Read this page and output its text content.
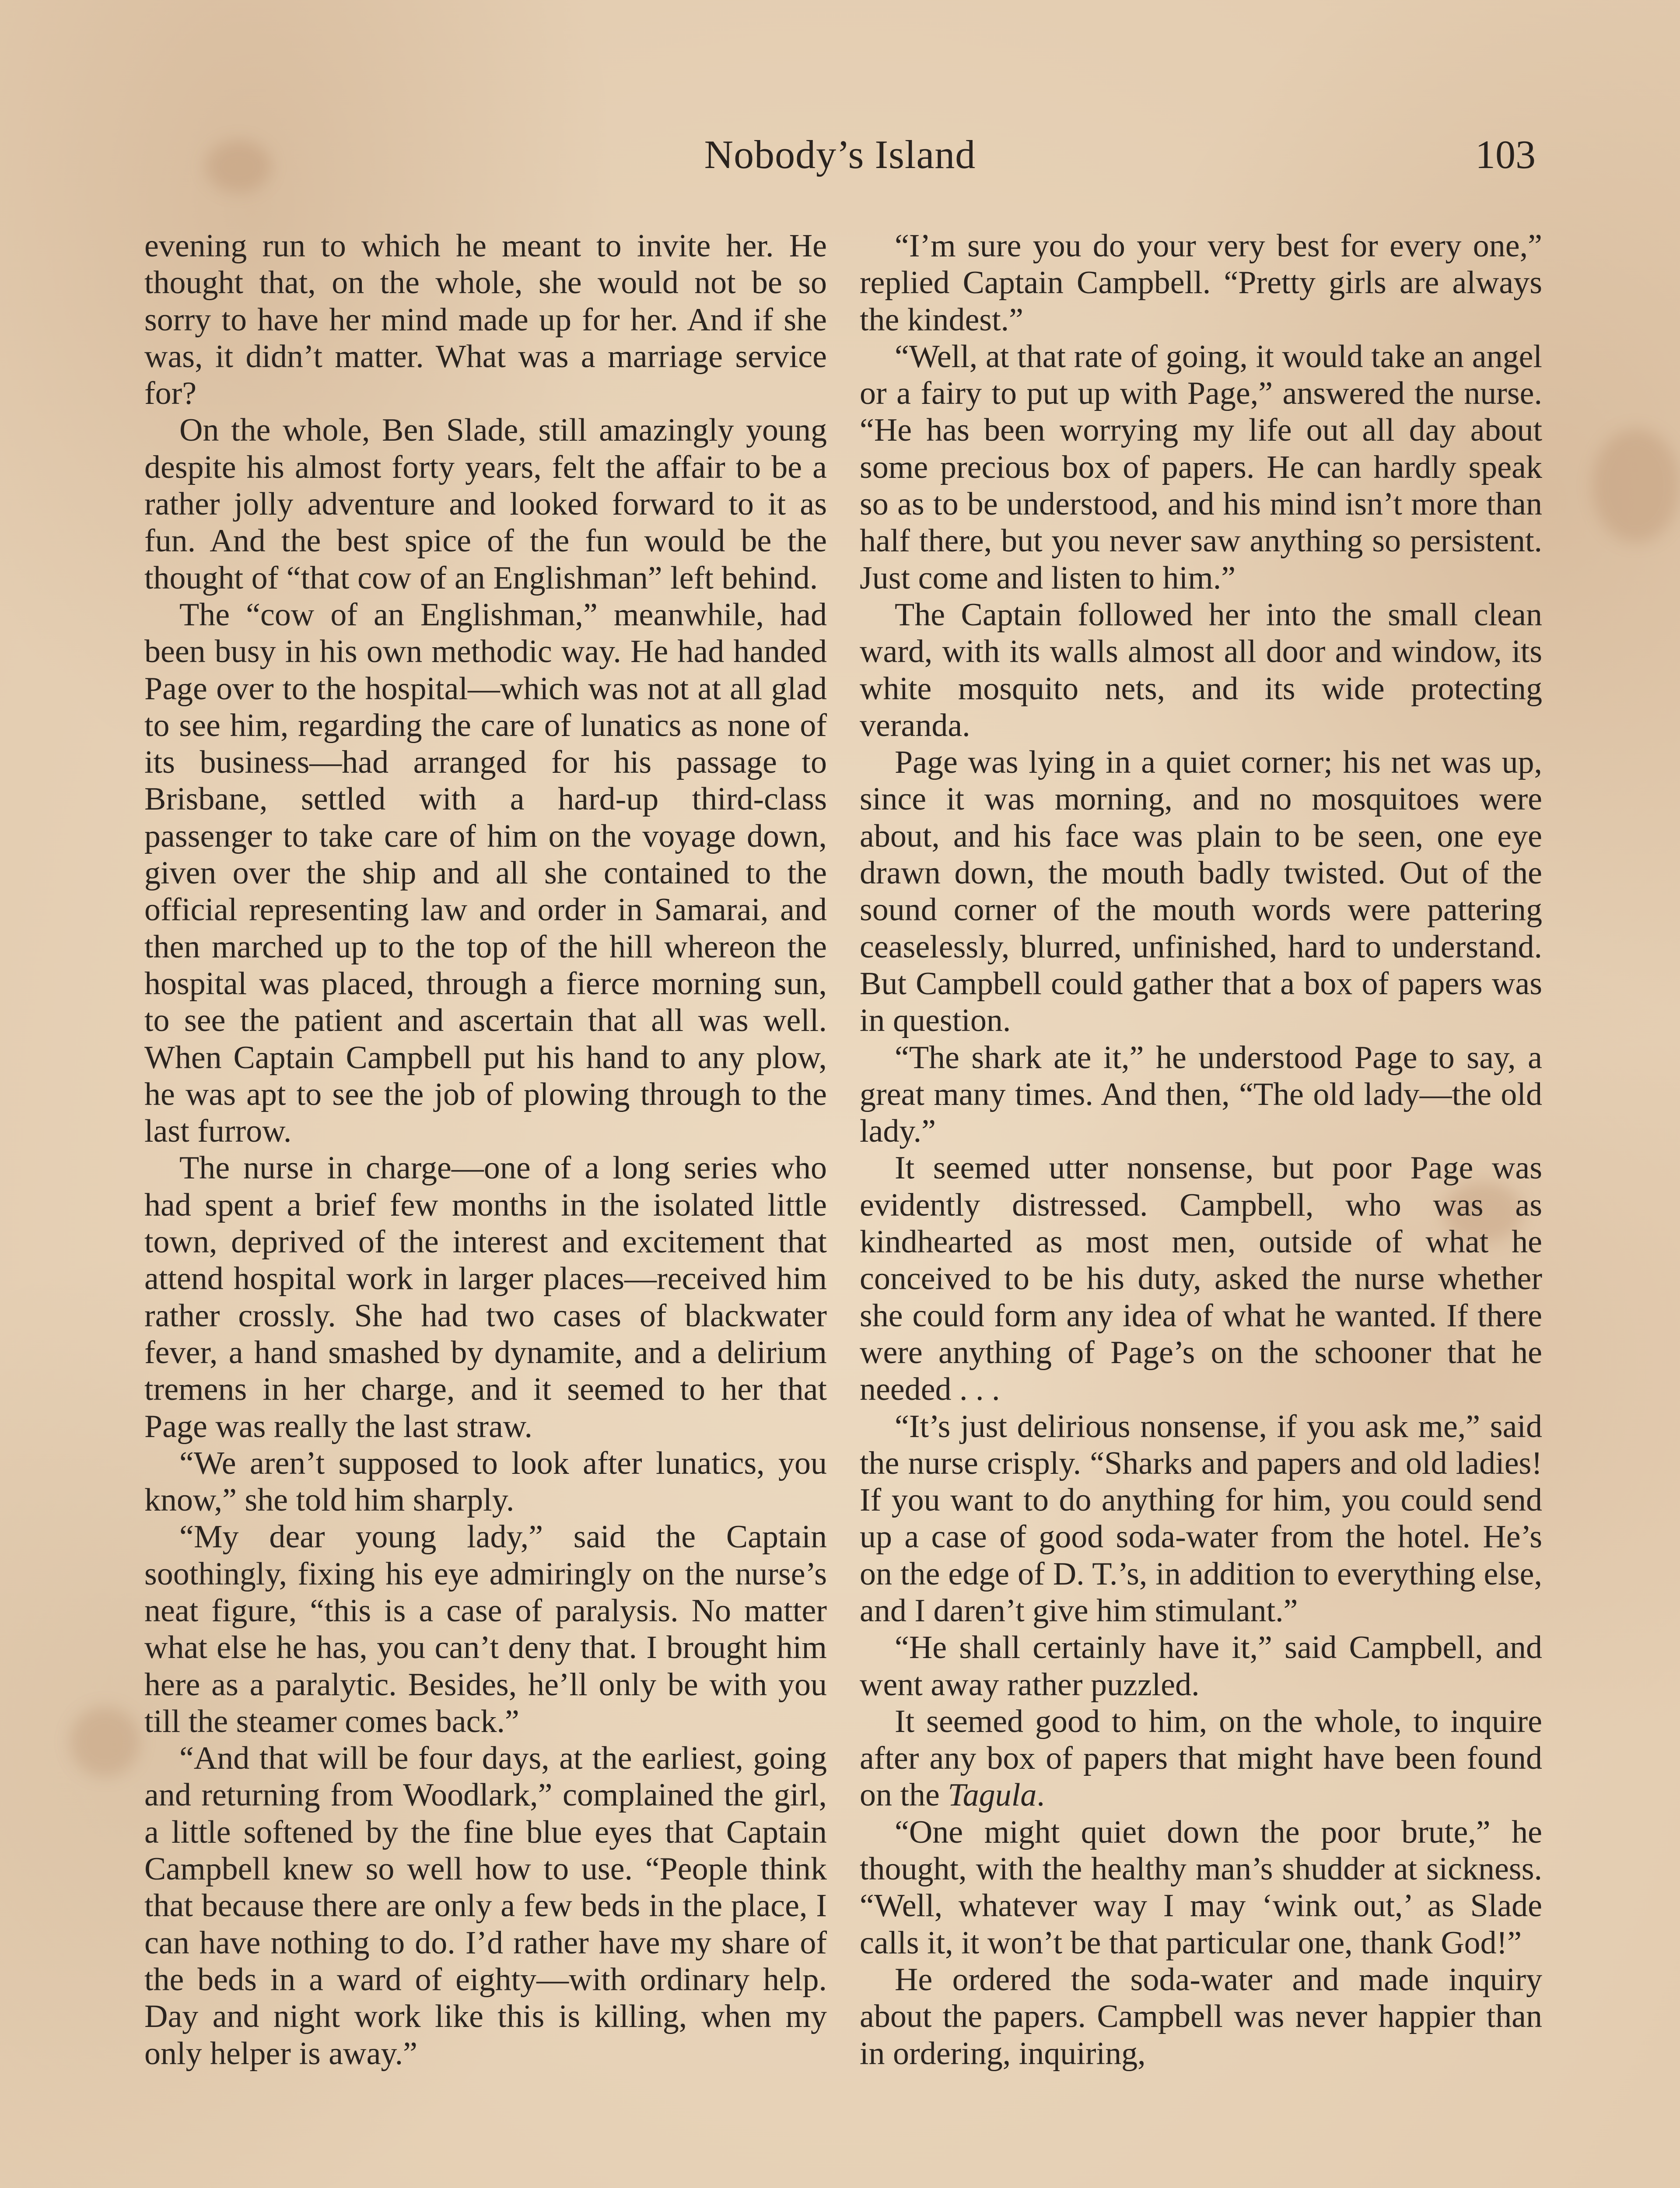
Nobody’s Island	103

evening run to which he meant to invite her. He thought that, on the whole, she would not be so sorry to have her mind made up for her. And if she was, it didn’t matter. What was a marriage service for?

On the whole, Ben Slade, still amazingly young despite his almost forty years, felt the affair to be a rather jolly adventure and looked forward to it as fun. And the best spice of the fun would be the thought of “that cow of an Englishman” left behind.

The “cow of an Englishman,” meanwhile, had been busy in his own methodic way. He had handed Page over to the hospital—which was not at all glad to see him, regarding the care of lunatics as none of its business—had arranged for his passage to Brisbane, settled with a hard-up third-class passenger to take care of him on the voyage down, given over the ship and all she contained to the official representing law and order in Samarai, and then marched up to the top of the hill whereon the hospital was placed, through a fierce morning sun, to see the patient and ascertain that all was well. When Captain Campbell put his hand to any plow, he was apt to see the job of plowing through to the last furrow.

The nurse in charge—one of a long series who had spent a brief few months in the isolated little town, deprived of the interest and excitement that attend hospital work in larger places—received him rather crossly. She had two cases of blackwater fever, a hand smashed by dynamite, and a delirium tremens in her charge, and it seemed to her that Page was really the last straw.

“We aren’t supposed to look after lunatics, you know,” she told him sharply.

“My dear young lady,” said the Captain soothingly, fixing his eye admiringly on the nurse’s neat figure, “this is a case of paralysis. No matter what else he has, you can’t deny that. I brought him here as a paralytic. Besides, he’ll only be with you till the steamer comes back.”

“And that will be four days, at the earliest, going and returning from Woodlark,” complained the girl, a little softened by the fine blue eyes that Captain Campbell knew so well how to use. “People think that because there are only a few beds in the place, I can have nothing to do. I’d rather have my share of the beds in a ward of eighty—with ordinary help. Day and night work like this is killing, when my only helper is away.”

“I’m sure you do your very best for every one,” replied Captain Campbell. “Pretty girls are always the kindest.”

“Well, at that rate of going, it would take an angel or a fairy to put up with Page,” answered the nurse. “He has been worrying my life out all day about some precious box of papers. He can hardly speak so as to be understood, and his mind isn’t more than half there, but you never saw anything so persistent. Just come and listen to him.”

The Captain followed her into the small clean ward, with its walls almost all door and window, its white mosquito nets, and its wide protecting veranda.

Page was lying in a quiet corner; his net was up, since it was morning, and no mosquitoes were about, and his face was plain to be seen, one eye drawn down, the mouth badly twisted. Out of the sound corner of the mouth words were pattering ceaselessly, blurred, unfinished, hard to understand. But Campbell could gather that a box of papers was in question.

“The shark ate it,” he understood Page to say, a great many times. And then, “The old lady—the old lady.”

It seemed utter nonsense, but poor Page was evidently distressed. Campbell, who was as kindhearted as most men, outside of what he conceived to be his duty, asked the nurse whether she could form any idea of what he wanted. If there were anything of Page’s on the schooner that he needed . . .

“It’s just delirious nonsense, if you ask me,” said the nurse crisply. “Sharks and papers and old ladies! If you want to do anything for him, you could send up a case of good soda-water from the hotel. He’s on the edge of D. T.’s, in addition to everything else, and I daren’t give him stimulant.”

“He shall certainly have it,” said Campbell, and went away rather puzzled.

It seemed good to him, on the whole, to inquire after any box of papers that might have been found on the Tagula.

“One might quiet down the poor brute,” he thought, with the healthy man’s shudder at sickness. “Well, whatever way I may ‘wink out,’ as Slade calls it, it won’t be that particular one, thank God!”

He ordered the soda-water and made inquiry about the papers. Campbell was never happier than in ordering, inquiring,
